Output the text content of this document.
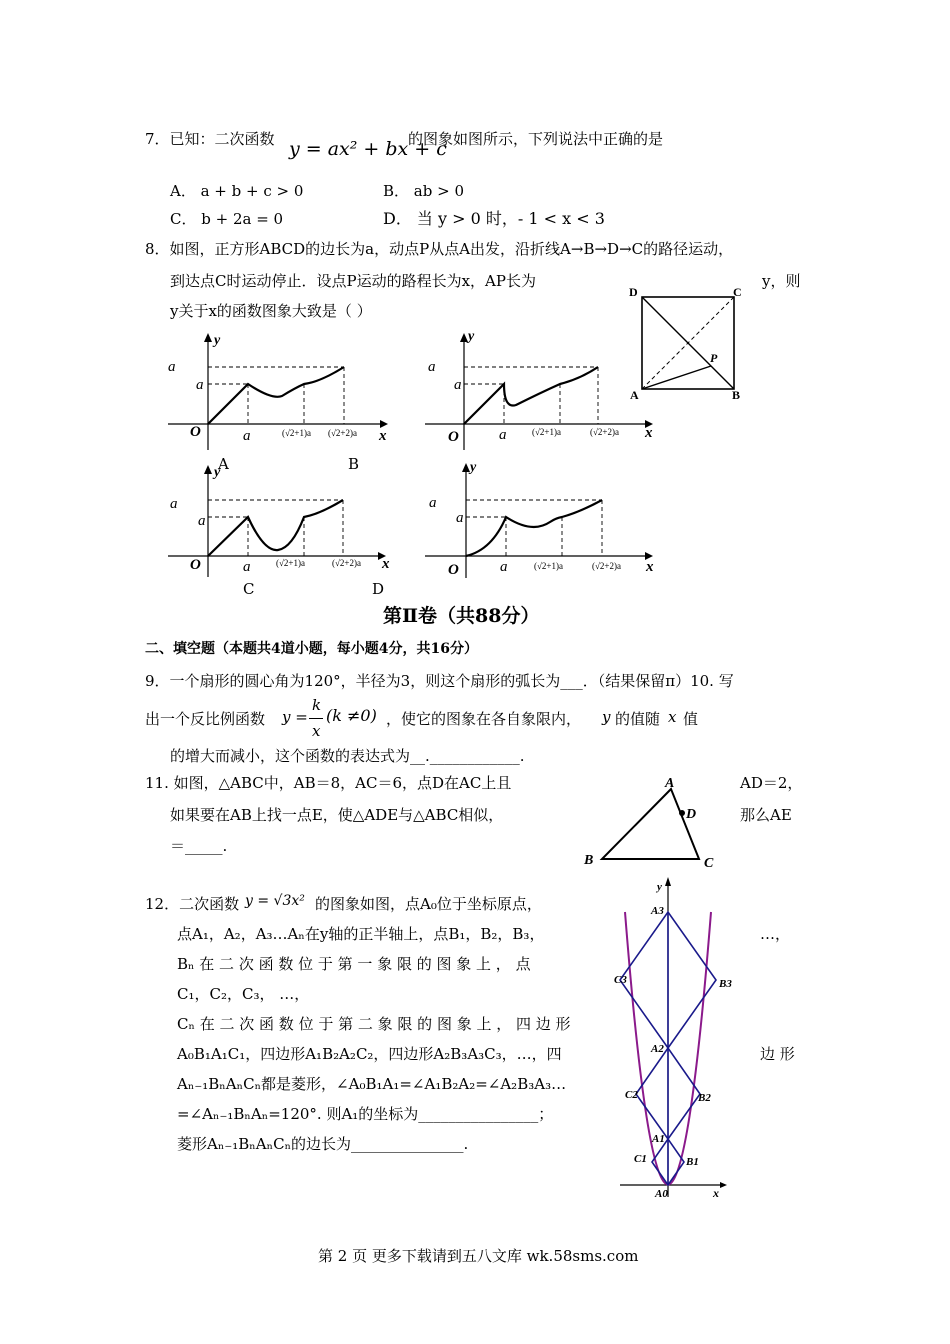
7．已知：二次函数 y = ax² + bx + c
的图象如图所示，下列说法中正确的是
A． a + b + c > 0	B． ab > 0
C． b + 2a = 0	D． 当 y > 0 时，- 1 < x < 3
8．如图，正方形ABCD的边长为a，动点P从点A出发，沿折线A→B→D→C的路径运动，
到达点C时运动停止．设点P运动的路程长为x，AP长为	y，则
y关于x的函数图象大致是（ ）
D	C
A	B
P
y
a
a
O	a	(√2+1)a (√2+2)a x
A	B
y
a
a
O	a	(√2+1)a	(√2+2)a x
y
a
a
O	a	(√2+1)a	(√2+2)a x
C	D
y
a
a
O	a	(√2+1)a	(√2+2)a x
第Ⅱ卷（共88分）
二、填空题（本题共4道小题，每小题4分，共16分）
9．一个扇形的圆心角为120°，半径为3，则这个扇形的弧长为___．（结果保留π）10. 写
出一个反比例函数 y =
k
x
(k ≠0) ，使它的图象在各自象限内， y 的值随 x 值
的增大而减小，这个函数的表达式为__.____________.
11. 如图，△ABC中，AB＝8，AC＝6，点D在AC上且	AD＝2，
如果要在AB上找一点E，使△ADE与△ABC相似，	那么AE
＝_____.
A
D
B	C
12．二次函数 y = √3x² 的图象如图，点A₀位于坐标原点，
点A₁，A₂，A₃…Aₙ在y轴的正半轴上，点B₁，B₂，B₃，	…，
Bₙ 在 二 次 函 数 位 于 第 一 象 限 的 图 象 上 ， 点
C₁，C₂，C₃， …，
Cₙ 在 二 次 函 数 位 于 第 二 象 限 的 图 象 上 ， 四 边 形
A₀B₁A₁C₁，四边形A₁B₂A₂C₂，四边形A₂B₃A₃C₃，…，四	边 形
Aₙ₋₁BₙAₙCₙ都是菱形，∠A₀B₁A₁=∠A₁B₂A₂=∠A₂B₃A₃…
=∠Aₙ₋₁BₙAₙ=120°. 则A₁的坐标为________________；
菱形Aₙ₋₁BₙAₙCₙ的边长为_______________.
y
x
A3
B3
C3
A2
B2
C2
A1
B1
C1
A0
第 2 页 更多下载请到五八文库 wk.58sms.com
